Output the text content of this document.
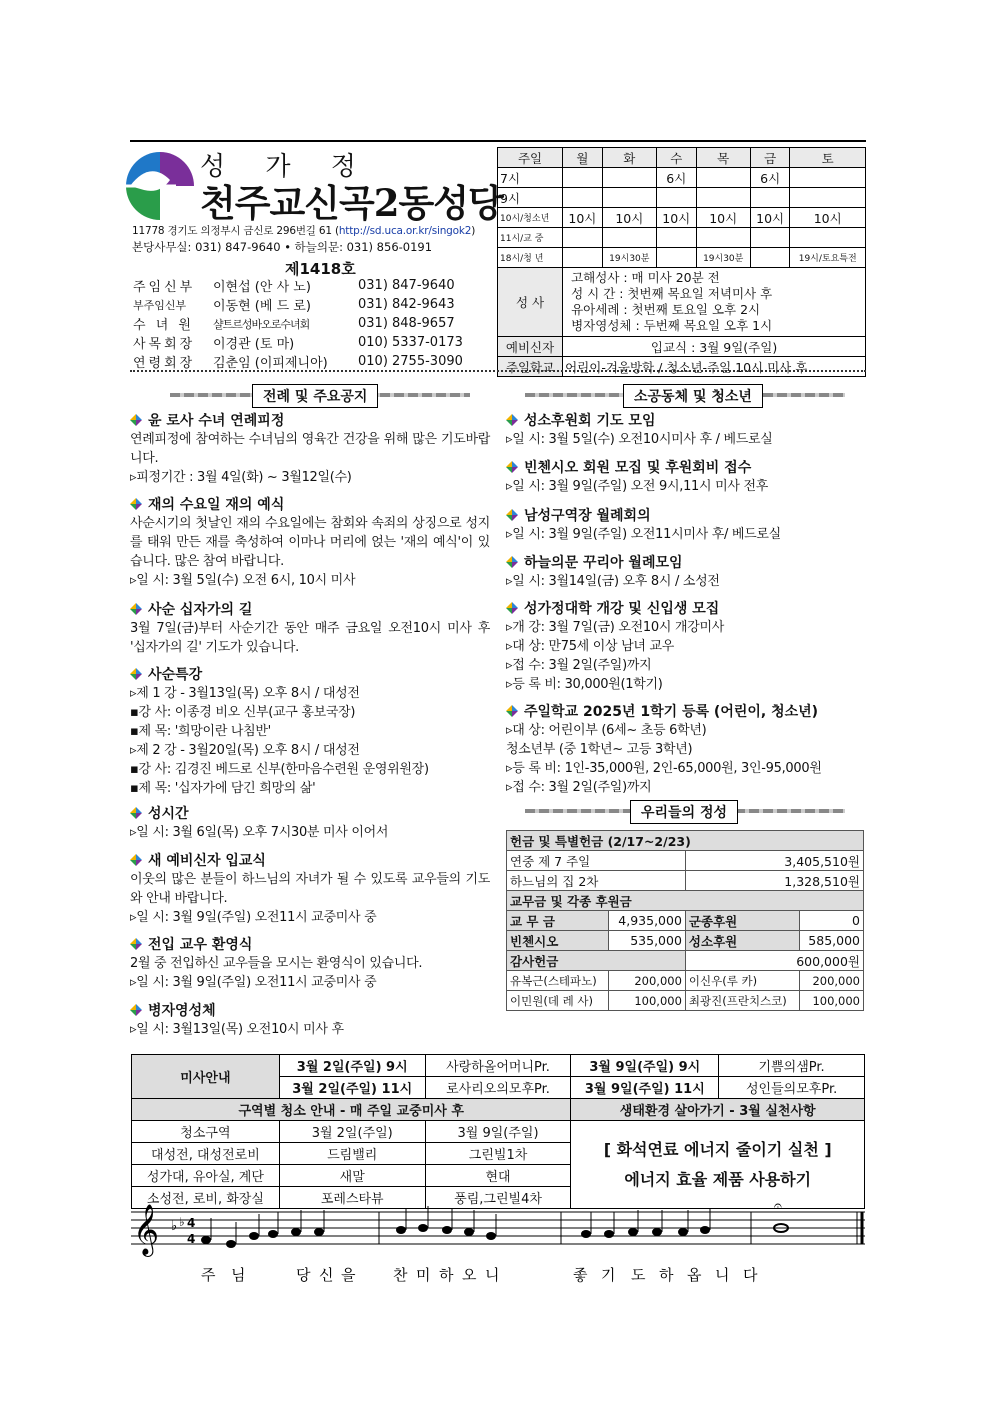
성 가 정
천주교신곡2동성당
11778 경기도 의정부시 금신로 296번길 61 (http://sd.uca.or.kr/singok2)
본당사무실: 031) 847-9640 • 하늘의문: 031) 856-0191
제1418호
주임신부	이현섭 (안 사 노)	031) 847-9640
부주임신부	이동현 (베 드 로)	031) 842-9643
수 녀 원	샬트르성바오로수녀회	031) 848-9657
사목회장	이경관 (토 마)	010) 5337-0173
연령회장	김춘임 (이피제니아)	010) 2755-3090
주일	월	화	수	목	금	토
7시			6시		6시	
9시						
10시/청소년	10시	10시	10시	10시	10시	10시
11시/교 중						
18시/청 년		19시30분		19시30분		19시/토요특전
성 사	고해성사 : 매 미사 20분 전
성 시 간 : 첫번째 목요일 저녁미사 후
유아세례 : 첫번째 토요일 오후 2시
병자영성체 : 두번째 목요일 오후 1시					

예비신자	입교식 : 3월 9일(주일)					
주일학교	어린이-겨울방학 / 청소년-주일 10시 미사 후					
전례 및 주요공지	소공동체 및 청소년
윤 로사 수녀 연례피정
연례피정에 참여하는 수녀님의 영육간 건강을 위해 많은 기도바랍니다.
▹피정기간 : 3월 4일(화) ~ 3월12일(수)
재의 수요일 재의 예식
사순시기의 첫날인 재의 수요일에는 참회와 속죄의 상징으로 성지를 태워 만든 재를 축성하여 이마나 머리에 얹는 '재의 예식'이 있습니다. 많은 참여 바랍니다.
▹일 시: 3월 5일(수) 오전 6시, 10시 미사
사순 십자가의 길
3월 7일(금)부터 사순기간 동안 매주 금요일 오전10시 미사 후 '십자가의 길' 기도가 있습니다.
사순특강
▹제 1 강 - 3월13일(목) 오후 8시 / 대성전
▪강 사: 이종경 비오 신부(교구 홍보국장)
▪제 목: '희망이란 나침반'
▹제 2 강 - 3월20일(목) 오후 8시 / 대성전
▪강 사: 김경진 베드로 신부(한마음수련원 운영위원장)
▪제 목: '십자가에 담긴 희망의 삶'
성시간
▹일 시: 3월 6일(목) 오후 7시30분 미사 이어서
새 예비신자 입교식
이웃의 많은 분들이 하느님의 자녀가 될 수 있도록 교우들의 기도와 안내 바랍니다.
▹일 시: 3월 9일(주일) 오전11시 교중미사 중
전입 교우 환영식
2월 중 전입하신 교우들을 모시는 환영식이 있습니다.
▹일 시: 3월 9일(주일) 오전11시 교중미사 중
병자영성체
▹일 시: 3월13일(목) 오전10시 미사 후
성소후원회 기도 모임
▹일 시: 3월 5일(수) 오전10시미사 후 / 베드로실
빈첸시오 회원 모집 및 후원회비 접수
▹일 시: 3월 9일(주일) 오전 9시,11시 미사 전후
남성구역장 월례회의
▹일 시: 3월 9일(주일) 오전11시미사 후/ 베드로실
하늘의문 꾸리아 월례모임
▹일 시: 3월14일(금) 오후 8시 / 소성전
성가정대학 개강 및 신입생 모집
▹개 강: 3월 7일(금) 오전10시 개강미사
▹대 상: 만75세 이상 남녀 교우
▹접 수: 3월 2일(주일)까지
▹등 록 비: 30,000원(1학기)
주일학교 2025년 1학기 등록 (어린이, 청소년)
▹대 상: 어린이부 (6세~ 초등 6학년)
청소년부 (중 1학년~ 고등 3학년)
▹등 록 비: 1인-35,000원, 2인-65,000원, 3인-95,000원
▹접 수: 3월 2일(주일)까지
우리들의 정성
헌금 및 특별헌금 (2/17~2/23)			
연중 제 7 주일		3,405,510원	
하느님의 집 2차		1,328,510원	
교무금 및 각종 후원금			
교 무 금	4,935,000	군종후원	0
빈첸시오	535,000	성소후원	585,000
감사헌금		600,000원	
유복근(스테파노)	200,000	이신우(루 카)	200,000
이민원(데 레 사)	100,000	최광진(프란치스코)	100,000
미사안내	3월 2일(주일) 9시	사랑하올어머니Pr.	3월 9일(주일) 9시	기쁨의샘Pr.
	3월 2일(주일) 11시	로사리오의모후Pr.	3월 9일(주일) 11시	성인들의모후Pr.
구역별 청소 안내 - 매 주일 교중미사 후			생태환경 살아가기 - 3월 실천사항	
청소구역	3월 2일(주일)	3월 9일(주일)	[ 화석연료 에너지 줄이기 실천 ]
에너지 효율 제품 사용하기	

대성전, 대성전로비	드림밸리	그린빌1차		
성가대, 유아실, 계단	새말	현대		
소성전, 로비, 화장실	포레스타뷰	풍림,그린빌4차		
𝄞 ♭ ♭ 4
4
𝄐
주 님	당 신 을	찬 미 하 오 니	좋 기 도 하 옵 니 다
